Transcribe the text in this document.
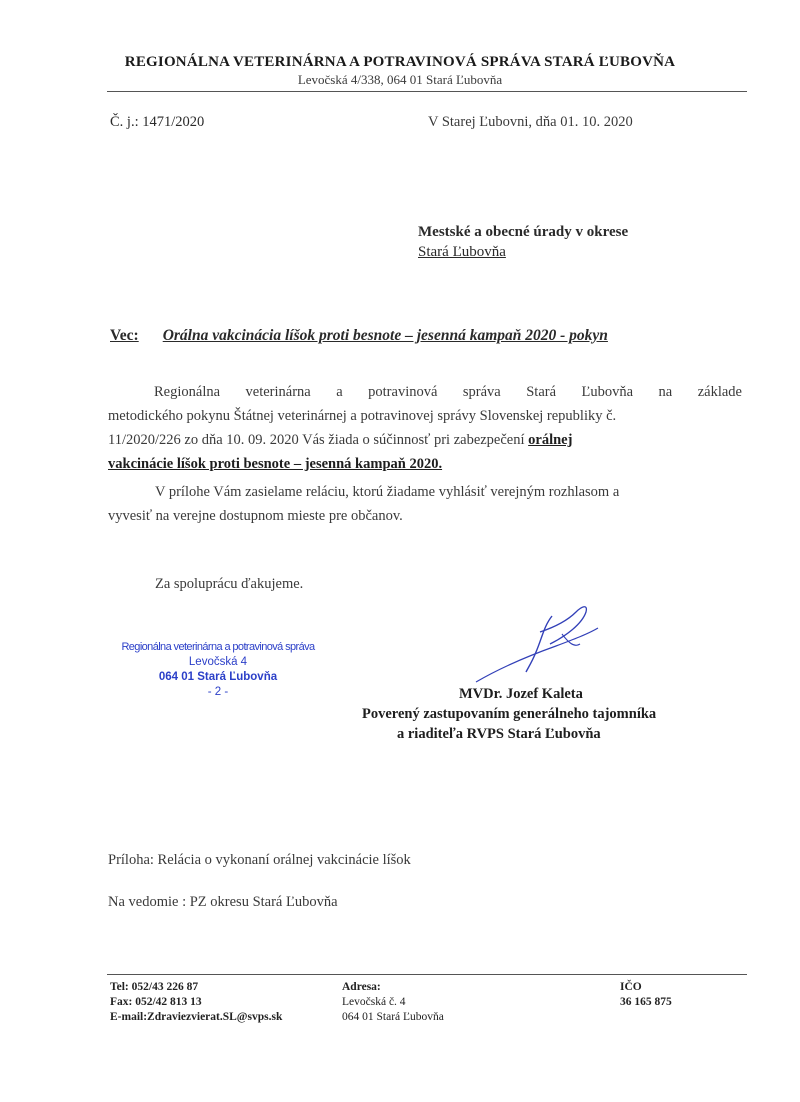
REGIONÁLNA VETERINÁRNA A POTRAVINOVÁ SPRÁVA STARÁ ĽUBOVŇA
Levočská 4/338, 064 01 Stará Ľubovňa
Č. j.: 1471/2020	V Starej Ľubovni, dňa 01. 10. 2020
Mestské a obecné úrady v okrese
Stará Ľubovňa
Vec: Orálna vakcinácia líšok proti besnote – jesenná kampaň 2020 - pokyn
Regionálna veterinárna a potravinová správa Stará Ľubovňa na základe
metodického pokynu Štátnej veterinárnej a potravinovej správy Slovenskej republiky č.
11/2020/226 zo dňa 10. 09. 2020 Vás žiada o súčinnosť pri zabezpečení orálnej
vakcinácie líšok proti besnote – jesenná kampaň 2020.
V prílohe Vám zasielame reláciu, ktorú žiadame vyhlásiť verejným rozhlasom a
vyvesiť na verejne dostupnom mieste pre občanov.
Za spoluprácu ďakujeme.
Regionálna veterinárna a potravinová správa
Levočská 4
064 01 Stará Ľubovňa
- 2 -	MVDr. Jozef Kaleta
Poverený zastupovaním generálneho tajomníka
a riaditeľa RVPS Stará Ľubovňa
Príloha: Relácia o vykonaní orálnej vakcinácie líšok
Na vedomie : PZ okresu Stará Ľubovňa
Tel: 052/43 226 87
Fax: 052/42 813 13
E-mail:Zdraviezvierat.SL@svps.sk
Adresa:
Levočská č. 4
064 01 Stará Ľubovňa
IČO
36 165 875
